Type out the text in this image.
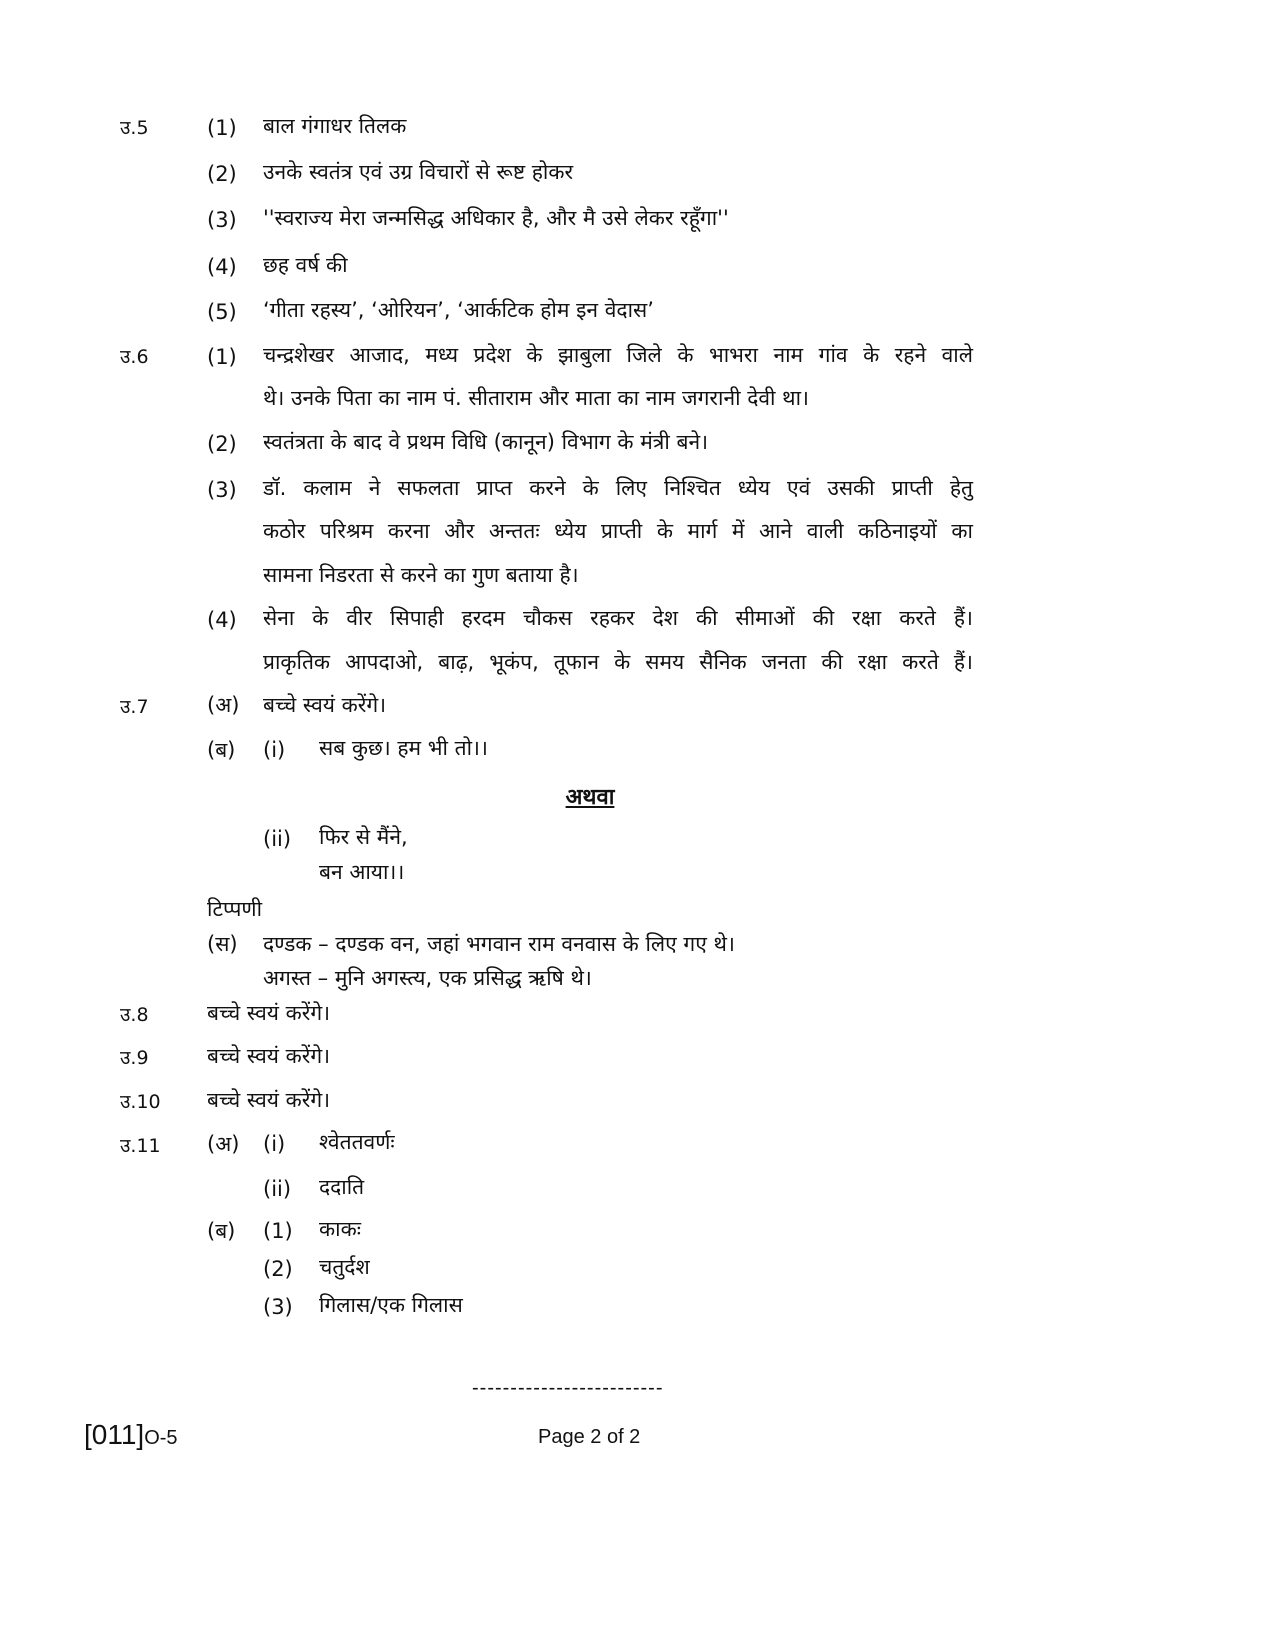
उ.5	(1) बाल गंगाधर तिलक
(2) उनके स्वतंत्र एवं उग्र विचारों से रूष्ट होकर
(3) ''स्वराज्य मेरा जन्मसिद्ध अधिकार है, और मै उसे लेकर रहूँगा''
(4) छह वर्ष की
(5) ‘गीता रहस्य’, ‘ओरियन’, ‘आर्कटिक होम इन वेदास’
उ.6	(1) चन्द्रशेखर आजाद, मध्य प्रदेश के झाबुला जिले के भाभरा नाम गांव के रहने वाले
थे। उनके पिता का नाम पं. सीताराम और माता का नाम जगरानी देवी था।
(2) स्वतंत्रता के बाद वे प्रथम विधि (कानून) विभाग के मंत्री बने।
(3) डॉ. कलाम ने सफलता प्राप्त करने के लिए निश्चित ध्येय एवं उसकी प्राप्ती हेतु
कठोर परिश्रम करना और अन्ततः ध्येय प्राप्ती के मार्ग में आने वाली कठिनाइयों का
सामना निडरता से करने का गुण बताया है।
(4) सेना के वीर सिपाही हरदम चौकस रहकर देश की सीमाओं की रक्षा करते हैं।
प्राकृतिक आपदाओ, बाढ़, भूकंप, तूफान के समय सैनिक जनता की रक्षा करते हैं।
उ.7	(अ) बच्चे स्वयं करेंगे।
(ब) (i) सब कुछ। हम भी तो।।
अथवा
(ii) फिर से मैंने,
बन आया।।
टिप्पणी
(स) दण्डक – दण्डक वन, जहां भगवान राम वनवास के लिए गए थे।
अगस्त – मुनि अगस्त्य, एक प्रसिद्ध ऋषि थे।
उ.8	बच्चे स्वयं करेंगे।
उ.9	बच्चे स्वयं करेंगे।
उ.10 बच्चे स्वयं करेंगे।
उ.11 (अ) (i) श्वेततवर्णः
(ii) ददाति
(ब) (1) काकः
(2) चतुर्दश
(3) गिलास/एक गिलास
-------------------------
[011]O-5	Page 2 of 2
